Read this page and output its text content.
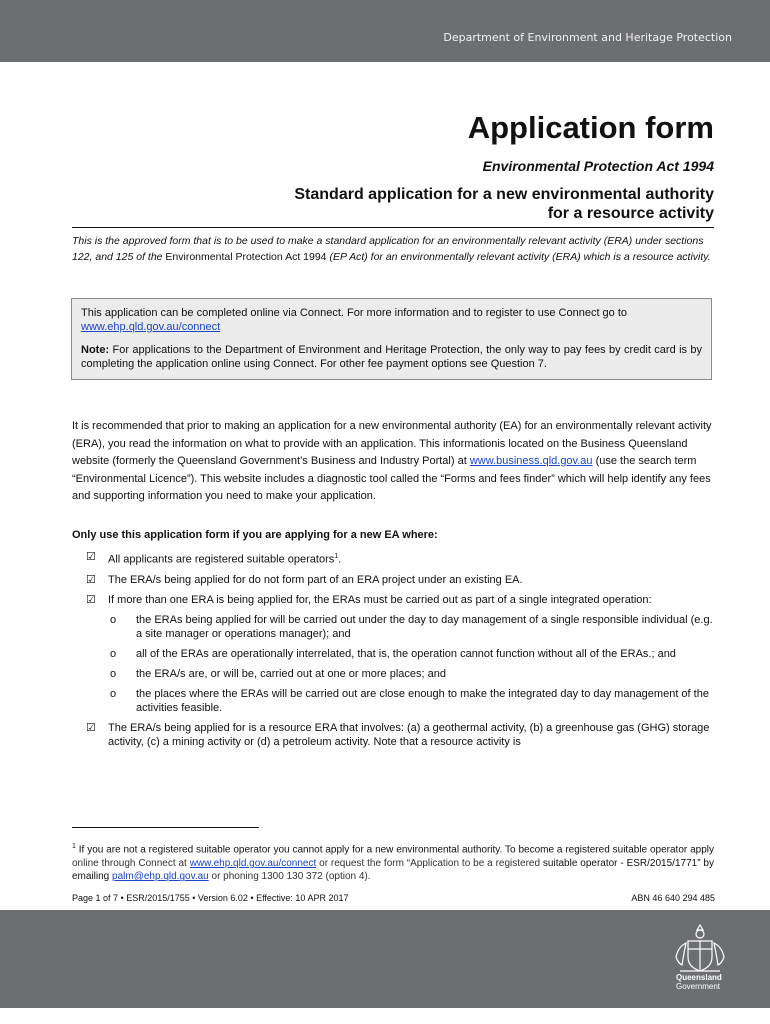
Department of Environment and Heritage Protection
Application form
Environmental Protection Act 1994
Standard application for a new environmental authority
for a resource activity
This is the approved form that is to be used to make a standard application for an environmentally relevant activity (ERA) under sections 122, and 125 of the Environmental Protection Act 1994 (EP Act) for an environmentally relevant activity (ERA) which is a resource activity.

This application can be completed online via Connect. For more information and to register to use Connect go to www.ehp.qld.gov.au/connect

Note: For applications to the Department of Environment and Heritage Protection, the only way to pay fees by credit card is by completing the application online using Connect. For other fee payment options see Question 7.

It is recommended that prior to making an application for a new environmental authority (EA) for an environmentally relevant activity (ERA), you read the information on what to provide with an application. This informationis located on the Business Queensland website (formerly the Queensland Government’s Business and Industry Portal) at www.business.qld.gov.au (use the search term “Environmental Licence”). This website includes a diagnostic tool called the “Forms and fees finder” which will help identify any fees and supporting information you need to make your application.

Only use this application form if you are applying for a new EA where:
☑ All applicants are registered suitable operators$^1$.
☑ The ERA/s being applied for do not form part of an ERA project under an existing EA.
☑ If more than one ERA is being applied for, the ERAs must be carried out as part of a single integrated operation:
o the ERAs being applied for will be carried out under the day to day management of a single responsible individual (e.g. a site manager or operations manager); and
o all of the ERAs are operationally interrelated, that is, the operation cannot function without all of the ERAs.; and
o the ERA/s are, or will be, carried out at one or more places; and
o the places where the ERAs will be carried out are close enough to make the integrated day to day management of the activities feasible.
☑ The ERA/s being applied for is a resource ERA that involves: (a) a geothermal activity, (b) a greenhouse gas (GHG) storage activity, (c) a mining activity or (d) a petroleum activity. Note that a resource activity is
$^1$ If you are not a registered suitable operator you cannot apply for a new environmental authority. To become a registered suitable operator apply online through Connect at www.ehp.qld.gov.au/connect or request the form “Application to be a registered suitable operator - ESR/2015/1771” by emailing palm@ehp.qld.gov.au or phoning 1300 130 372 (option 4).
Page 1 of 7 • ESR/2015/1755 • Version 6.02 • Effective: 10 APR 2017	ABN 46 640 294 485
Queensland
Government
